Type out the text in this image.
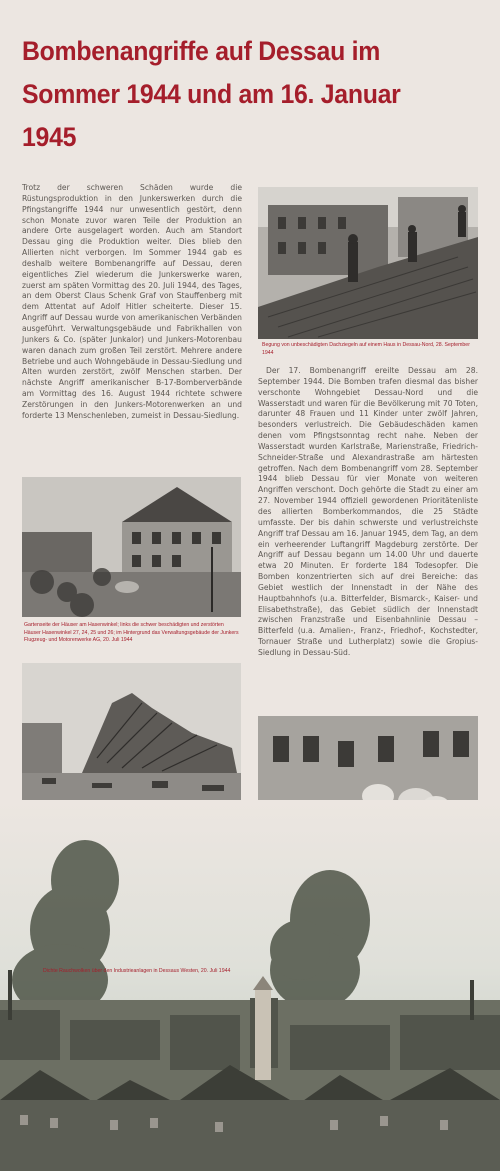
Bombenangriffe auf Dessau im
Sommer 1944 und am 16. Januar 1945
Trotz der schweren Schäden wurde die Rüstungsproduktion in den Junkerswerken durch die Pfingstangriffe 1944 nur unwesentlich gestört, denn schon Monate zuvor waren Teile der Produktion an andere Orte ausgelagert worden. Auch am Standort Dessau ging die Produktion weiter. Dies blieb den Allierten nicht verborgen. Im Sommer 1944 gab es deshalb weitere Bombenangriffe auf Dessau, deren eigentliches Ziel wiederum die Junkerswerke waren, zuerst am späten Vormittag des 20. Juli 1944, des Tages, an dem Oberst Claus Schenk Graf von Stauffenberg mit dem Attentat auf Adolf Hitler scheiterte. Dieser 15. Angriff auf Dessau wurde von amerikanischen Verbänden ausgeführt. Verwaltungsgebäude und Fabrikhallen von Junkers & Co. (später Junkalor) und Junkers-Motorenbau waren danach zum großen Teil zerstört. Mehrere andere Betriebe und auch Wohngebäude in Dessau-Siedlung und Alten wurden zerstört, zwölf Menschen starben. Der nächste Angriff amerikanischer B-17-Bomberverbände am Vormittag des 16. August 1944 richtete schwere Zerstörungen in den Junkers-Motorenwerken an und forderte 13 Menschenleben, zumeist in Dessau-Siedlung.
Begung von unbeschädigten Dachziegeln auf einem Haus in Dessau-Nord, 28. September 1944
Der 17. Bombenangriff ereilte Dessau am 28. September 1944. Die Bomben trafen diesmal das bisher verschonte Wohngebiet Dessau-Nord und die Wasserstadt und waren für die Bevölkerung mit 70 Toten, darunter 48 Frauen und 11 Kinder unter zwölf Jahren, besonders verlustreich. Die Gebäudeschäden kamen denen vom Pfingstsonntag recht nahe. Neben der Wasserstadt wurden Karlstraße, Marienstraße, Friedrich-Schneider-Straße und Alexandrastraße am härtesten getroffen. Nach dem Bombenangriff vom 28. September 1944 blieb Dessau für vier Monate von weiteren Angriffen verschont. Doch gehörte die Stadt zu einer am 27. November 1944 offiziell gewordenen Prioritätenliste des allierten Bomberkommandos, die 25 Städte umfasste. Der bis dahin schwerste und verlustreichste Angriff traf Dessau am 16. Januar 1945, dem Tag, an dem ein verheerender Luftangriff Magdeburg zerstörte. Der Angriff auf Dessau begann um 14.00 Uhr und dauerte etwa 20 Minuten. Er forderte 184 Todesopfer. Die Bomben konzentrierten sich auf drei Bereiche: das Gebiet westlich der Innenstadt in der Nähe des Hauptbahnhofs (u.a. Bitterfelder, Bismarck-, Kaiser- und Elisabethstraße), das Gebiet südlich der Innenstadt zwischen Franzstraße und Eisenbahnlinie Dessau – Bitterfeld (u.a. Amalien-, Franz-, Friedhof-, Kochstedter, Tornauer Straße und Lutherplatz) sowie die Gropius-Siedlung in Dessau-Süd.
Gartenseite der Häuser am Hasenwinkel; links die schwer beschädigten und zerstörten Häuser Hasenwinkel 27, 24, 25 und 26; im Hintergrund das Verwaltungsgebäude der Junkers Flugzeug- und Motorenwerke AG, 20. Juli 1944
Dichte Rauchwolken über den Industrieanlagen in Dessaus Westen, 20. Juli 1944
